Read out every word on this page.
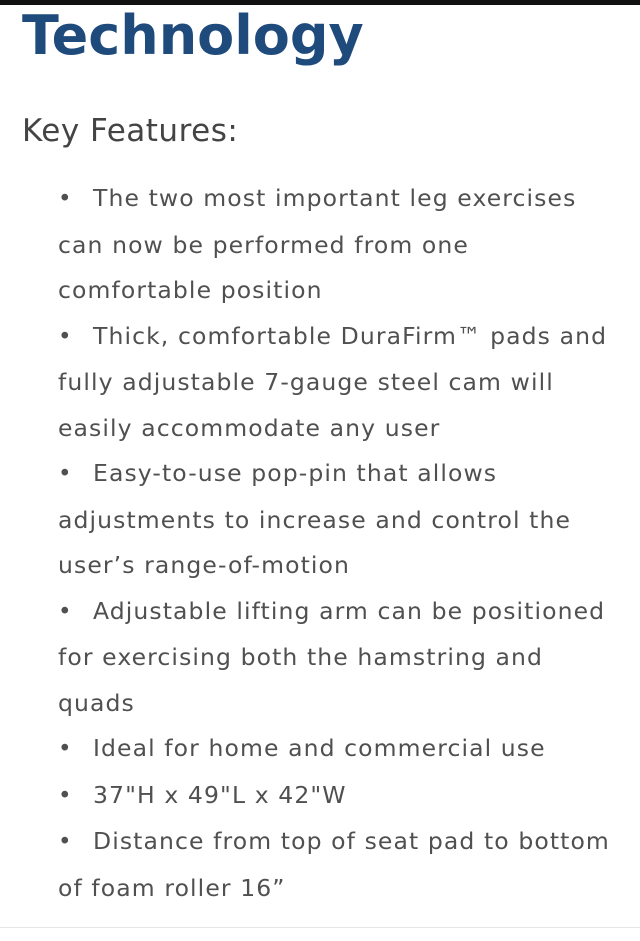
Technology
Key Features:
• The two most important leg exercises can now be performed from one comfortable position
• Thick, comfortable DuraFirm™ pads and fully adjustable 7-gauge steel cam will easily accommodate any user
• Easy-to-use pop-pin that allows adjustments to increase and control the user’s range-of-motion
• Adjustable lifting arm can be positioned for exercising both the hamstring and quads
• Ideal for home and commercial use
• 37"H x 49"L x 42"W
• Distance from top of seat pad to bottom of foam roller 16”
